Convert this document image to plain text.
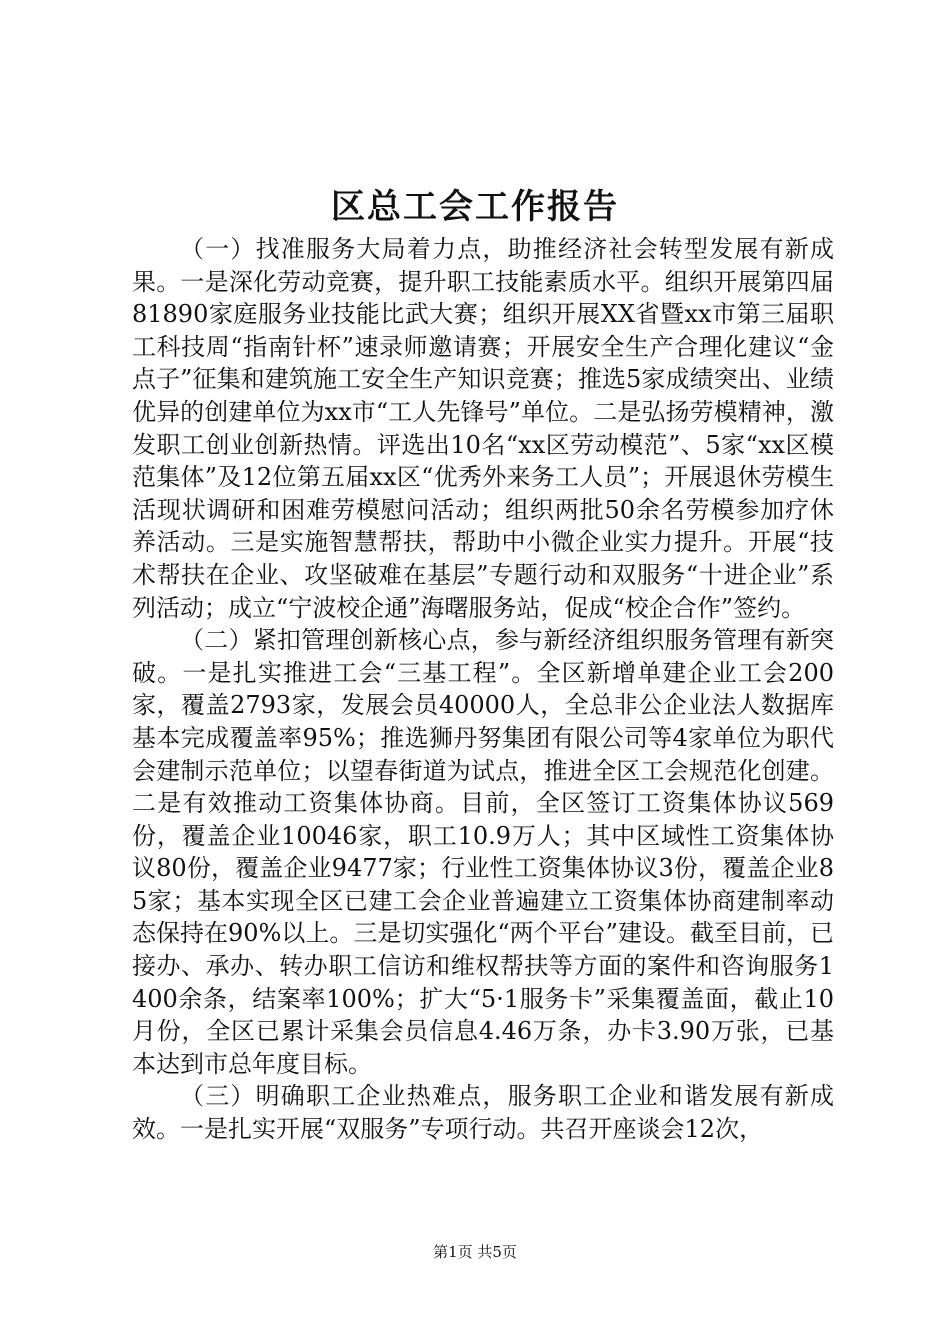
区总工会工作报告

（一）找准服务大局着力点，助推经济社会转型发展有新成果。一是深化劳动竞赛，提升职工技能素质水平。组织开展第四届81890家庭服务业技能比武大赛；组织开展XX省暨xx市第三届职工科技周“指南针杯”速录师邀请赛；开展安全生产合理化建议“金点子”征集和建筑施工安全生产知识竞赛；推选5家成绩突出、业绩优异的创建单位为xx市“工人先锋号”单位。二是弘扬劳模精神，激发职工创业创新热情。评选出10名“xx区劳动模范”、5家“xx区模范集体”及12位第五届xx区“优秀外来务工人员”；开展退休劳模生活现状调研和困难劳模慰问活动；组织两批50余名劳模参加疗休养活动。三是实施智慧帮扶，帮助中小微企业实力提升。开展“技术帮扶在企业、攻坚破难在基层”专题行动和双服务“十进企业”系列活动；成立“宁波校企通”海曙服务站，促成“校企合作”签约。

（二）紧扣管理创新核心点，参与新经济组织服务管理有新突破。一是扎实推进工会“三基工程”。全区新增单建企业工会200家，覆盖2793家，发展会员40000人，全总非公企业法人数据库基本完成覆盖率95%；推选狮丹努集团有限公司等4家单位为职代会建制示范单位；以望春街道为试点，推进全区工会规范化创建。二是有效推动工资集体协商。目前，全区签订工资集体协议569份，覆盖企业10046家，职工10.9万人；其中区域性工资集体协议80份，覆盖企业9477家；行业性工资集体协议3份，覆盖企业85家；基本实现全区已建工会企业普遍建立工资集体协商建制率动态保持在90%以上。三是切实强化“两个平台”建设。截至目前，已接办、承办、转办职工信访和维权帮扶等方面的案件和咨询服务1400余条，结案率100%；扩大“5·1服务卡”采集覆盖面，截止10月份，全区已累计采集会员信息4.46万条，办卡3.90万张，已基本达到市总年度目标。

（三）明确职工企业热难点，服务职工企业和谐发展有新成效。一是扎实开展“双服务”专项行动。共召开座谈会12次，

第1页 共5页
